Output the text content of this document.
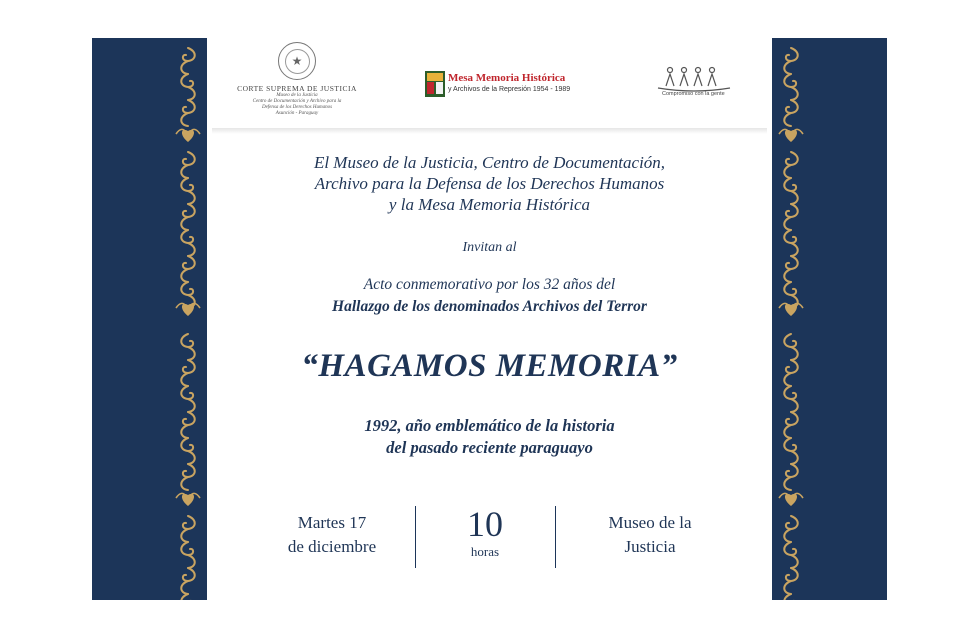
★
CORTE SUPREMA DE JUSTICIA
Museo de la Justicia
Centro de Documentación y Archivo para la
Defensa de los Derechos Humanos
Asunción - Paraguay
Mesa Memoria Histórica
y Archivos de la Represión 1954 - 1989
Compromiso con la gente
El Museo de la Justicia, Centro de Documentación,
Archivo para la Defensa de los Derechos Humanos
y la Mesa Memoria Histórica
Invitan al
Acto conmemorativo por los 32 años del
Hallazgo de los denominados Archivos del Terror
“HAGAMOS MEMORIA”
1992, año emblemático de la historia
del pasado reciente paraguayo
Martes 17
de diciembre
10
horas
Museo de la
Justicia
